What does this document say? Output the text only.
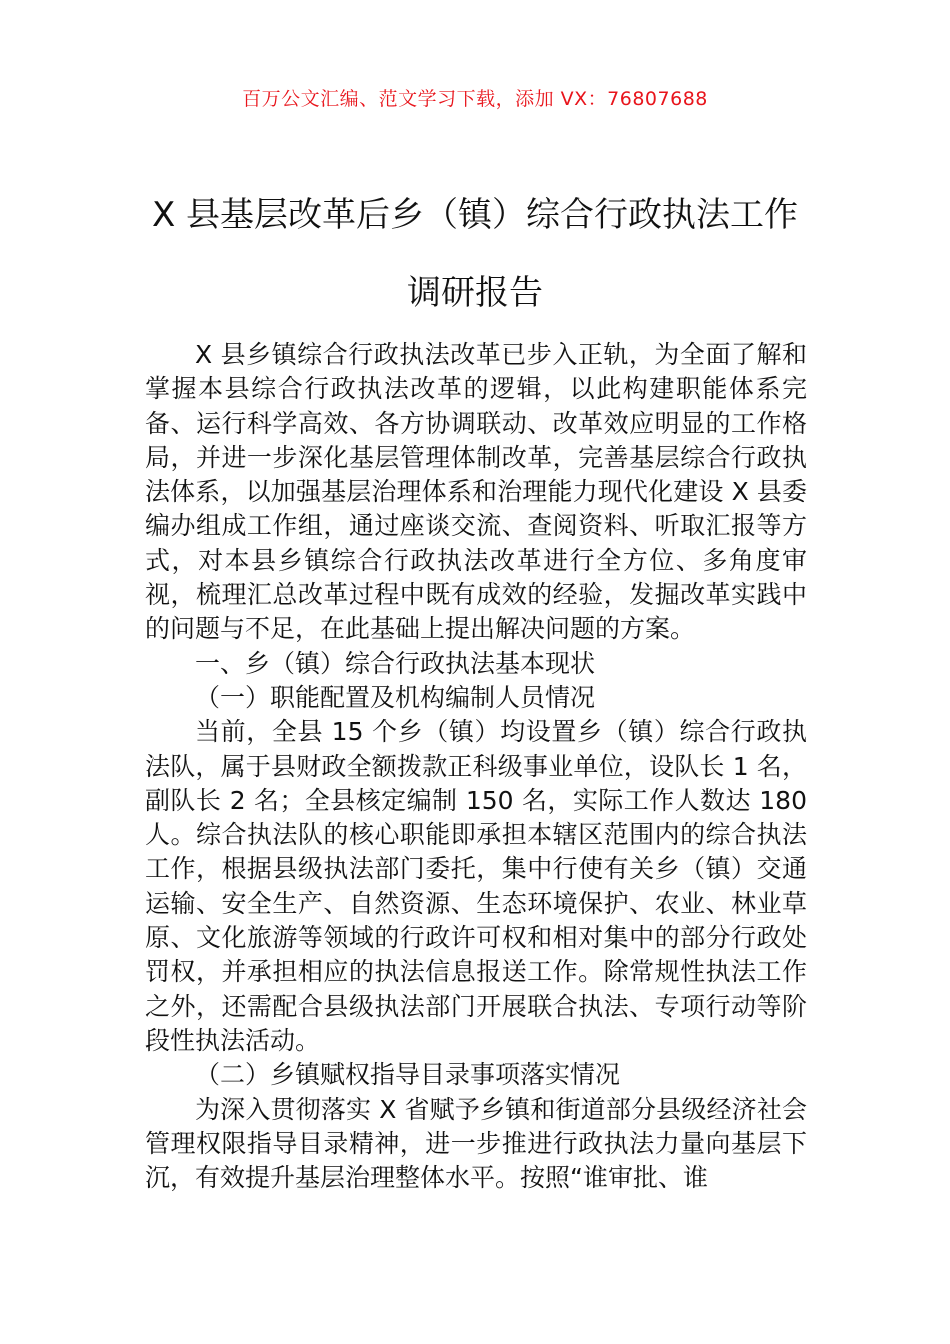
百万公文汇编、范文学习下载，添加 VX：76807688
X 县基层改革后乡（镇）综合行政执法工作调研报告

X 县乡镇综合行政执法改革已步入正轨，为全面了解和掌握本县综合行政执法改革的逻辑，以此构建职能体系完备、运行科学高效、各方协调联动、改革效应明显的工作格局，并进一步深化基层管理体制改革，完善基层综合行政执法体系，以加强基层治理体系和治理能力现代化建设 X 县委编办组成工作组，通过座谈交流、查阅资料、听取汇报等方式，对本县乡镇综合行政执法改革进行全方位、多角度审视，梳理汇总改革过程中既有成效的经验，发掘改革实践中的问题与不足，在此基础上提出解决问题的方案。

一、乡（镇）综合行政执法基本现状

（一）职能配置及机构编制人员情况

当前，全县 15 个乡（镇）均设置乡（镇）综合行政执法队，属于县财政全额拨款正科级事业单位，设队长 1 名，副队长 2 名；全县核定编制 150 名，实际工作人数达 180 人。综合执法队的核心职能即承担本辖区范围内的综合执法工作，根据县级执法部门委托，集中行使有关乡（镇）交通运输、安全生产、自然资源、生态环境保护、农业、林业草原、文化旅游等领域的行政许可权和相对集中的部分行政处罚权，并承担相应的执法信息报送工作。除常规性执法工作之外，还需配合县级执法部门开展联合执法、专项行动等阶段性执法活动。

（二）乡镇赋权指导目录事项落实情况

为深入贯彻落实 X 省赋予乡镇和街道部分县级经济社会管理权限指导目录精神，进一步推进行政执法力量向基层下沉，有效提升基层治理整体水平。按照“谁审批、谁
